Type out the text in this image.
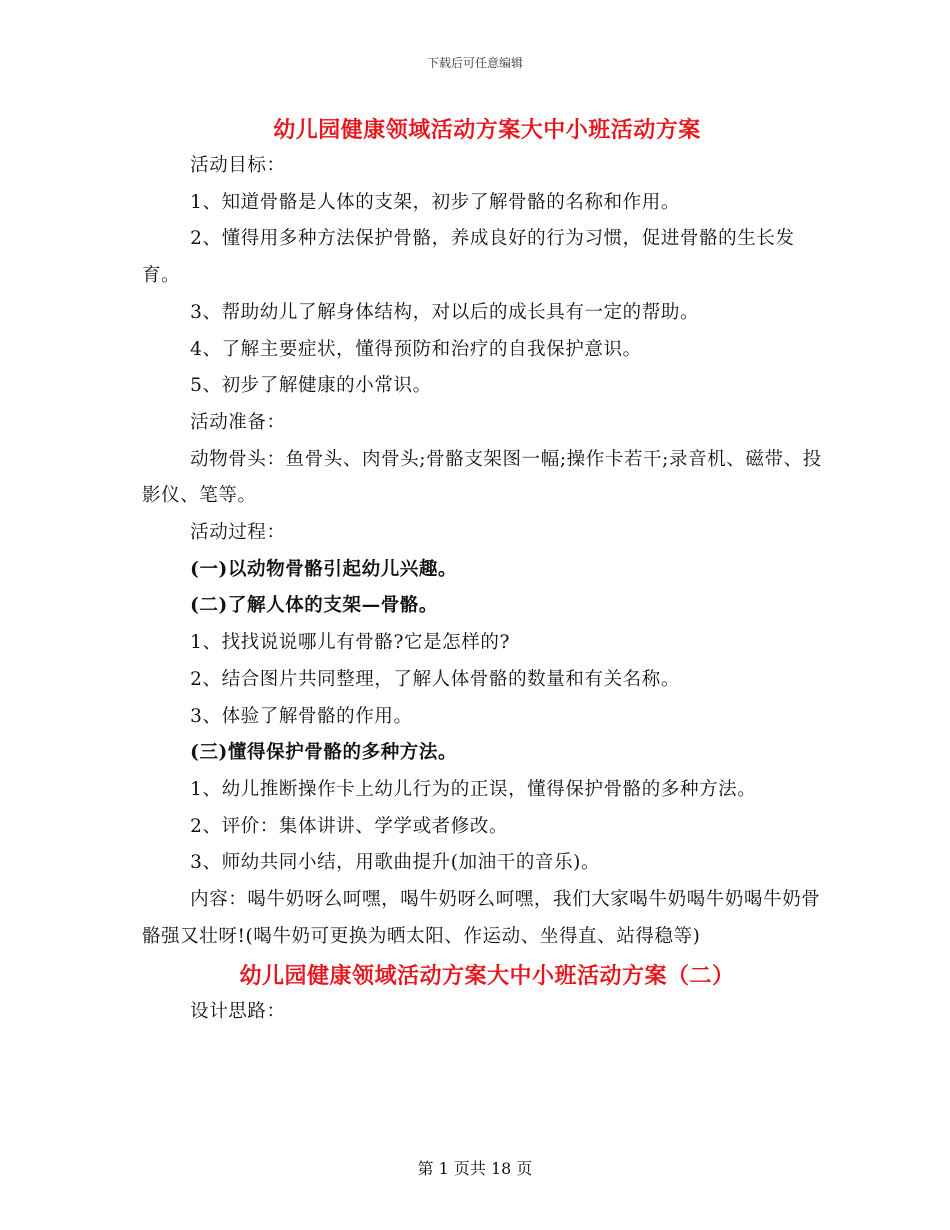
下载后可任意编辑
幼儿园健康领域活动方案大中小班活动方案

活动目标：

1、知道骨骼是人体的支架，初步了解骨骼的名称和作用。

2、懂得用多种方法保护骨骼，养成良好的行为习惯，促进骨骼的生长发育。

3、帮助幼儿了解身体结构，对以后的成长具有一定的帮助。

4、了解主要症状，懂得预防和治疗的自我保护意识。

5、初步了解健康的小常识。

活动准备：

动物骨头：鱼骨头、肉骨头;骨骼支架图一幅;操作卡若干;录音机、磁带、投影仪、笔等。

活动过程：

(一)以动物骨骼引起幼儿兴趣。

(二)了解人体的支架—骨骼。

1、找找说说哪儿有骨骼?它是怎样的?

2、结合图片共同整理，了解人体骨骼的数量和有关名称。

3、体验了解骨骼的作用。

(三)懂得保护骨骼的多种方法。

1、幼儿推断操作卡上幼儿行为的正误，懂得保护骨骼的多种方法。

2、评价：集体讲讲、学学或者修改。

3、师幼共同小结，用歌曲提升(加油干的音乐)。

内容：喝牛奶呀么呵嘿，喝牛奶呀么呵嘿，我们大家喝牛奶喝牛奶喝牛奶骨骼强又壮呀!(喝牛奶可更换为晒太阳、作运动、坐得直、站得稳等)

幼儿园健康领域活动方案大中小班活动方案（二）

设计思路：

第 1 页共 18 页
